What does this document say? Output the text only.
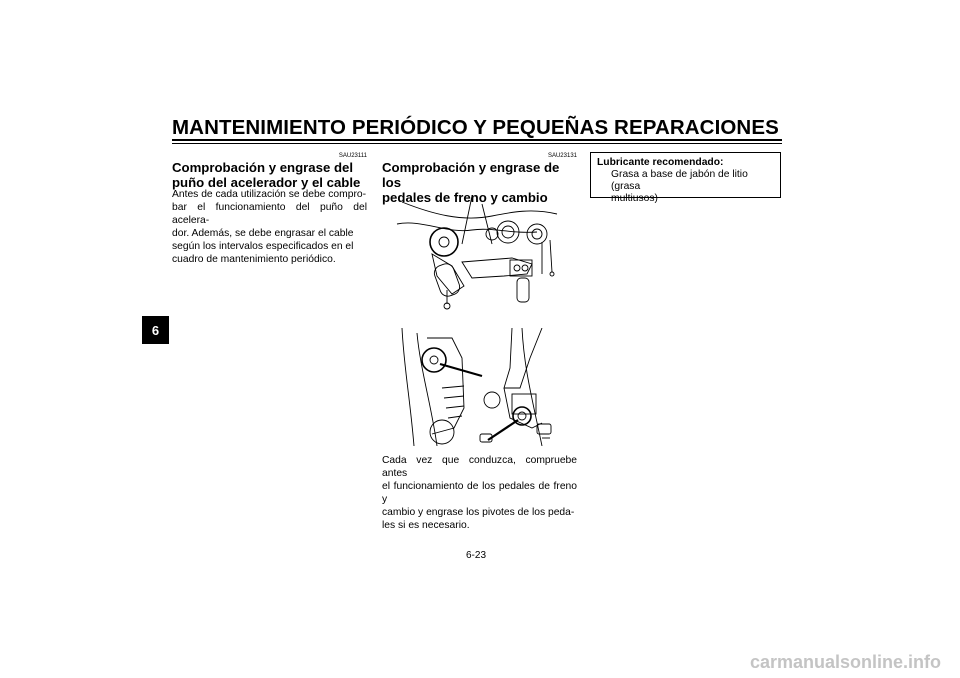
MANTENIMIENTO PERIÓDICO Y PEQUEÑAS REPARACIONES
6
SAU23111
Comprobación y engrase del
puño del acelerador y el cable
Antes de cada utilización se debe compro-
bar el funcionamiento del puño del acelera-
dor. Además, se debe engrasar el cable
según los intervalos especificados en el
cuadro de mantenimiento periódico.
SAU23131
Comprobación y engrase de los
pedales de freno y cambio
Cada vez que conduzca, compruebe antes
el funcionamiento de los pedales de freno y
cambio y engrase los pivotes de los peda-
les si es necesario.
Lubricante recomendado:
Grasa a base de jabón de litio (grasa
multiusos)
6-23
carmanualsonline.info
